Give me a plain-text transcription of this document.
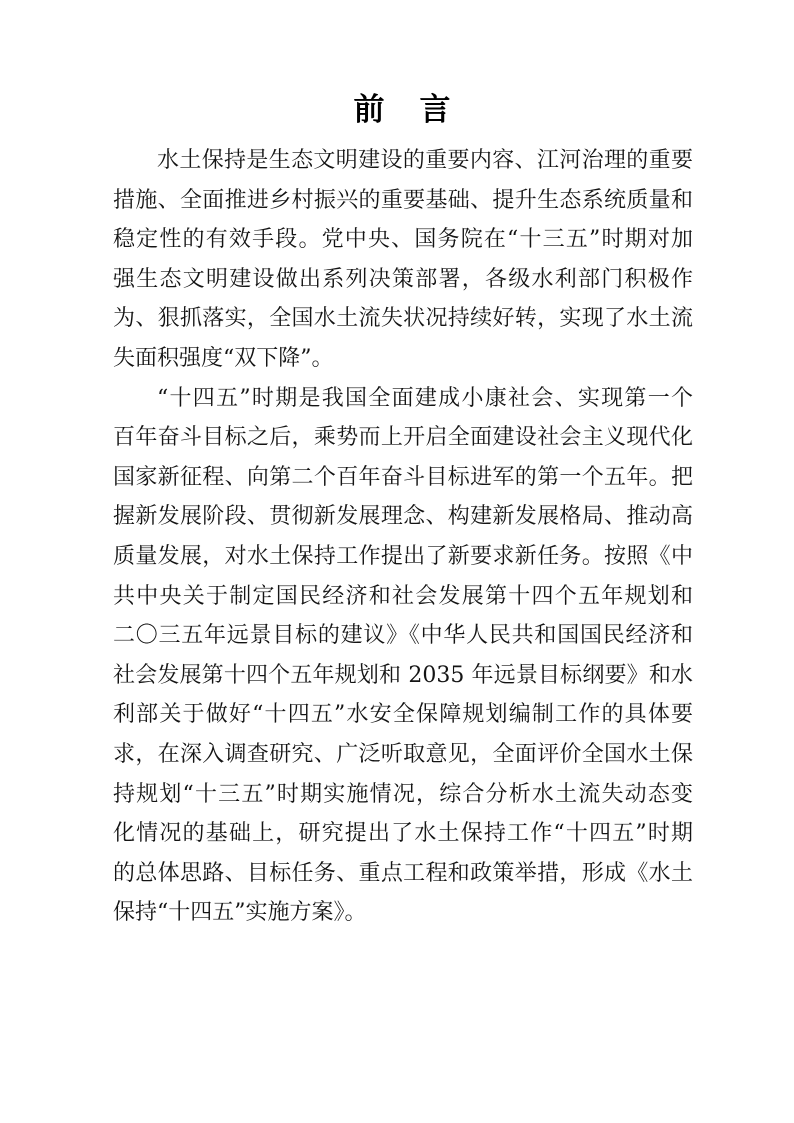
前　言
水土保持是生态文明建设的重要内容、江河治理的重要
措施、全面推进乡村振兴的重要基础、提升生态系统质量和
稳定性的有效手段。党中央、国务院在“十三五”时期对加
强生态文明建设做出系列决策部署，各级水利部门积极作
为、狠抓落实，全国水土流失状况持续好转，实现了水土流
失面积强度“双下降”。
“十四五”时期是我国全面建成小康社会、实现第一个
百年奋斗目标之后，乘势而上开启全面建设社会主义现代化
国家新征程、向第二个百年奋斗目标进军的第一个五年。把
握新发展阶段、贯彻新发展理念、构建新发展格局、推动高
质量发展，对水土保持工作提出了新要求新任务。按照《中
共中央关于制定国民经济和社会发展第十四个五年规划和
二〇三五年远景目标的建议》《中华人民共和国国民经济和
社会发展第十四个五年规划和 2035 年远景目标纲要》和水
利部关于做好“十四五”水安全保障规划编制工作的具体要
求，在深入调查研究、广泛听取意见，全面评价全国水土保
持规划“十三五”时期实施情况，综合分析水土流失动态变
化情况的基础上，研究提出了水土保持工作“十四五”时期
的总体思路、目标任务、重点工程和政策举措，形成《水土
保持“十四五”实施方案》。
